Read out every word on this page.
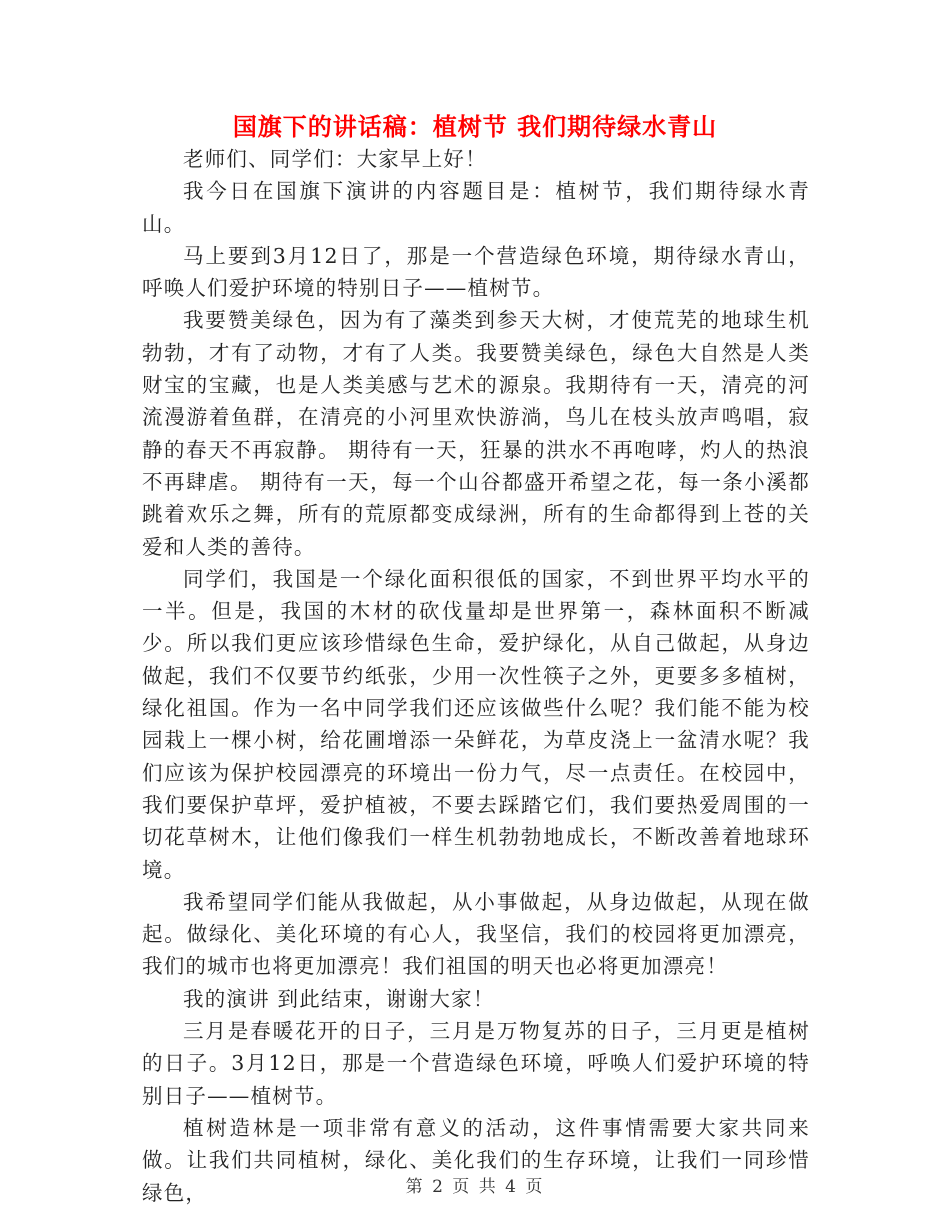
国旗下的讲话稿：植树节 我们期待绿水青山

老师们、同学们：大家早上好！

我今日在国旗下演讲的内容题目是：植树节，我们期待绿水青山。

马上要到3月12日了，那是一个营造绿色环境，期待绿水青山，呼唤人们爱护环境的特别日子——植树节。

我要赞美绿色，因为有了藻类到参天大树，才使荒芜的地球生机勃勃，才有了动物，才有了人类。我要赞美绿色，绿色大自然是人类财宝的宝藏，也是人类美感与艺术的源泉。我期待有一天，清亮的河流漫游着鱼群，在清亮的小河里欢快游淌，鸟儿在枝头放声鸣唱，寂静的春天不再寂静。 期待有一天，狂暴的洪水不再咆哮，灼人的热浪不再肆虐。 期待有一天，每一个山谷都盛开希望之花，每一条小溪都跳着欢乐之舞，所有的荒原都变成绿洲，所有的生命都得到上苍的关爱和人类的善待。

同学们，我国是一个绿化面积很低的国家，不到世界平均水平的一半。但是，我国的木材的砍伐量却是世界第一，森林面积不断减少。所以我们更应该珍惜绿色生命，爱护绿化，从自己做起，从身边做起，我们不仅要节约纸张，少用一次性筷子之外，更要多多植树，绿化祖国。作为一名中同学我们还应该做些什么呢？我们能不能为校园栽上一棵小树，给花圃增添一朵鲜花，为草皮浇上一盆清水呢？我们应该为保护校园漂亮的环境出一份力气，尽一点责任。在校园中，我们要保护草坪，爱护植被，不要去踩踏它们，我们要热爱周围的一切花草树木，让他们像我们一样生机勃勃地成长，不断改善着地球环境。

我希望同学们能从我做起，从小事做起，从身边做起，从现在做起。做绿化、美化环境的有心人，我坚信，我们的校园将更加漂亮，我们的城市也将更加漂亮！我们祖国的明天也必将更加漂亮！

我的演讲 到此结束，谢谢大家！

三月是春暖花开的日子，三月是万物复苏的日子，三月更是植树的日子。3月12日，那是一个营造绿色环境，呼唤人们爱护环境的特别日子——植树节。

植树造林是一项非常有意义的活动，这件事情需要大家共同来做。让我们共同植树，绿化、美化我们的生存环境，让我们一同珍惜绿色，	第 2 页 共 4 页
